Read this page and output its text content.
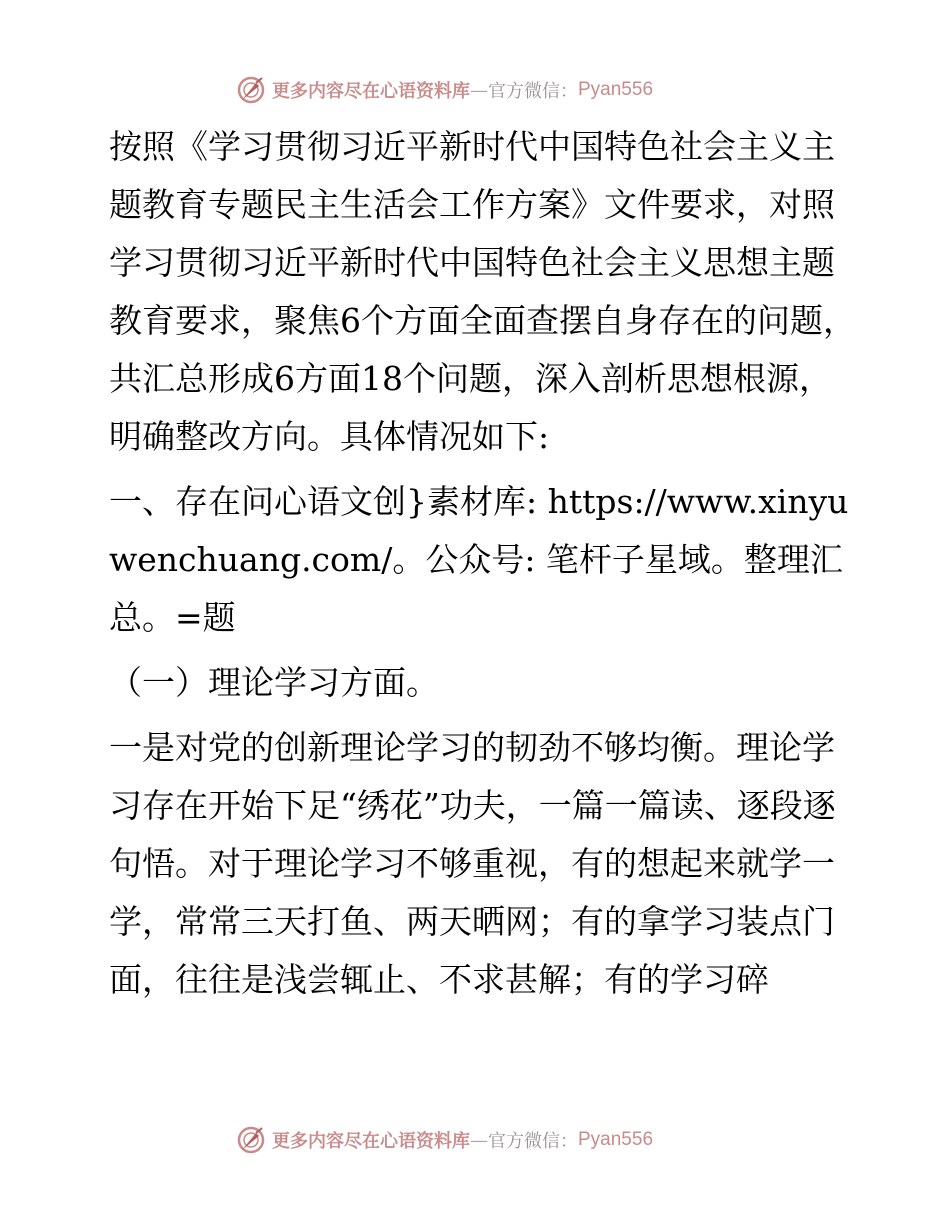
更多内容尽在心语资料库 — 官方微信： Pyan556

按照《学习贯彻习近平新时代中国特色社会主义主题教育专题民主生活会工作方案》文件要求，对照学习贯彻习近平新时代中国特色社会主义思想主题教育要求，聚焦6个方面全面查摆自身存在的问题，共汇总形成6方面18个问题，深入剖析思想根源，明确整改方向。具体情况如下:

一、存在问心语文创}素材库: https://www.xinyuwenchuang.com/。公众号: 笔杆子星域。整理汇总。=题

（一）理论学习方面。

一是对党的创新理论学习的韧劲不够均衡。理论学习存在开始下足“绣花”功夫，一篇一篇读、逐段逐句悟。对于理论学习不够重视，有的想起来就学一学，常常三天打鱼、两天晒网；有的拿学习装点门面，往往是浅尝辄止、不求甚解；有的学习碎

更多内容尽在心语资料库 — 官方微信： Pyan556
